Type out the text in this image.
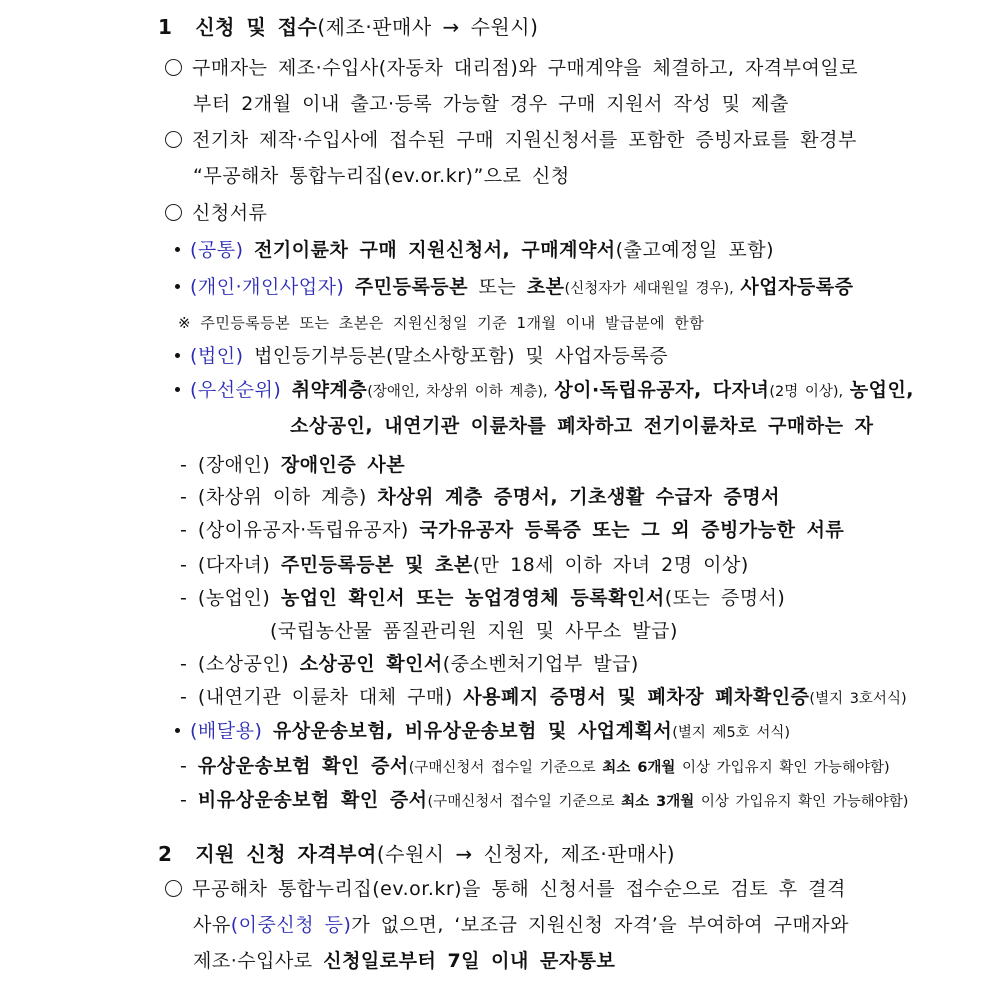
1  신청 및 접수(제조·판매사 → 수원시)
구매자는 제조·수입사(자동차 대리점)와 구매계약을 체결하고, 자격부여일로
부터 2개월 이내 출고·등록 가능할 경우 구매 지원서 작성 및 제출
전기차 제작·수입사에 접수된 구매 지원신청서를 포함한 증빙자료를 환경부
“무공해차 통합누리집(ev.or.kr)”으로 신청
신청서류
(공통) 전기이륜차 구매 지원신청서, 구매계약서(출고예정일 포함)
(개인·개인사업자) 주민등록등본 또는 초본(신청자가 세대원일 경우), 사업자등록증
※ 주민등록등본 또는 초본은 지원신청일 기준 1개월 이내 발급분에 한함
(법인) 법인등기부등본(말소사항포함) 및 사업자등록증
(우선순위) 취약계층(장애인, 차상위 이하 계층), 상이·독립유공자, 다자녀(2명 이상), 농업인,
소상공인, 내연기관 이륜차를 폐차하고 전기이륜차로 구매하는 자
- (장애인) 장애인증 사본
- (차상위 이하 계층) 차상위 계층 증명서, 기초생활 수급자 증명서
- (상이유공자·독립유공자) 국가유공자 등록증 또는 그 외 증빙가능한 서류
- (다자녀) 주민등록등본 및 초본(만 18세 이하 자녀 2명 이상)
- (농업인) 농업인 확인서 또는 농업경영체 등록확인서(또는 증명서)
(국립농산물 품질관리원 지원 및 사무소 발급)
- (소상공인) 소상공인 확인서(중소벤처기업부 발급)
- (내연기관 이륜차 대체 구매) 사용폐지 증명서 및 폐차장 폐차확인증(별지 3호서식)
(배달용) 유상운송보험, 비유상운송보험 및 사업계획서(별지 제5호 서식)
- 유상운송보험 확인 증서(구매신청서 접수일 기준으로 최소 6개월 이상 가입유지 확인 가능해야함)
- 비유상운송보험 확인 증서(구매신청서 접수일 기준으로 최소 3개월 이상 가입유지 확인 가능해야함)
2  지원 신청 자격부여(수원시 → 신청자, 제조·판매사)
무공해차 통합누리집(ev.or.kr)을 통해 신청서를 접수순으로 검토 후 결격
사유(이중신청 등)가 없으면, ‘보조금 지원신청 자격’을 부여하여 구매자와
제조·수입사로 신청일로부터 7일 이내 문자통보
